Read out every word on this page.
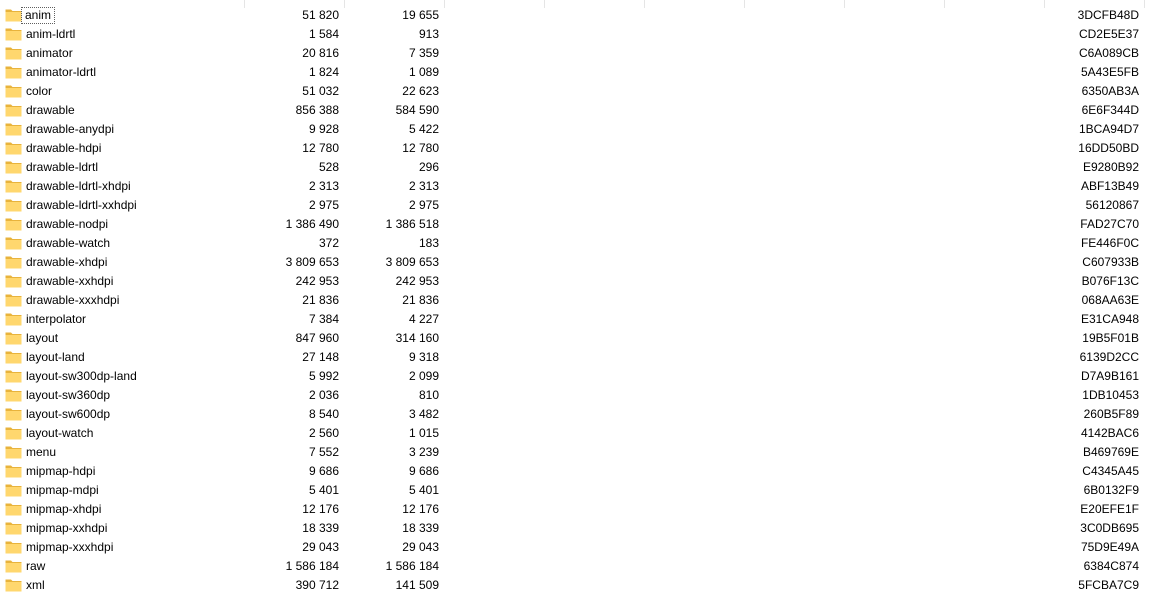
anim	51 820	19 655	3DCFB48D
anim-ldrtl	1 584	913	CD2E5E37
animator	20 816	7 359	C6A089CB
animator-ldrtl	1 824	1 089	5A43E5FB
color	51 032	22 623	6350AB3A
drawable	856 388	584 590	6E6F344D
drawable-anydpi	9 928	5 422	1BCA94D7
drawable-hdpi	12 780	12 780	16DD50BD
drawable-ldrtl	528	296	E9280B92
drawable-ldrtl-xhdpi	2 313	2 313	ABF13B49
drawable-ldrtl-xxhdpi	2 975	2 975	56120867
drawable-nodpi	1 386 490	1 386 518	FAD27C70
drawable-watch	372	183	FE446F0C
drawable-xhdpi	3 809 653	3 809 653	C607933B
drawable-xxhdpi	242 953	242 953	B076F13C
drawable-xxxhdpi	21 836	21 836	068AA63E
interpolator	7 384	4 227	E31CA948
layout	847 960	314 160	19B5F01B
layout-land	27 148	9 318	6139D2CC
layout-sw300dp-land	5 992	2 099	D7A9B161
layout-sw360dp	2 036	810	1DB10453
layout-sw600dp	8 540	3 482	260B5F89
layout-watch	2 560	1 015	4142BAC6
menu	7 552	3 239	B469769E
mipmap-hdpi	9 686	9 686	C4345A45
mipmap-mdpi	5 401	5 401	6B0132F9
mipmap-xhdpi	12 176	12 176	E20EFE1F
mipmap-xxhdpi	18 339	18 339	3C0DB695
mipmap-xxxhdpi	29 043	29 043	75D9E49A
raw	1 586 184	1 586 184	6384C874
xml	390 712	141 509	5FCBA7C9
